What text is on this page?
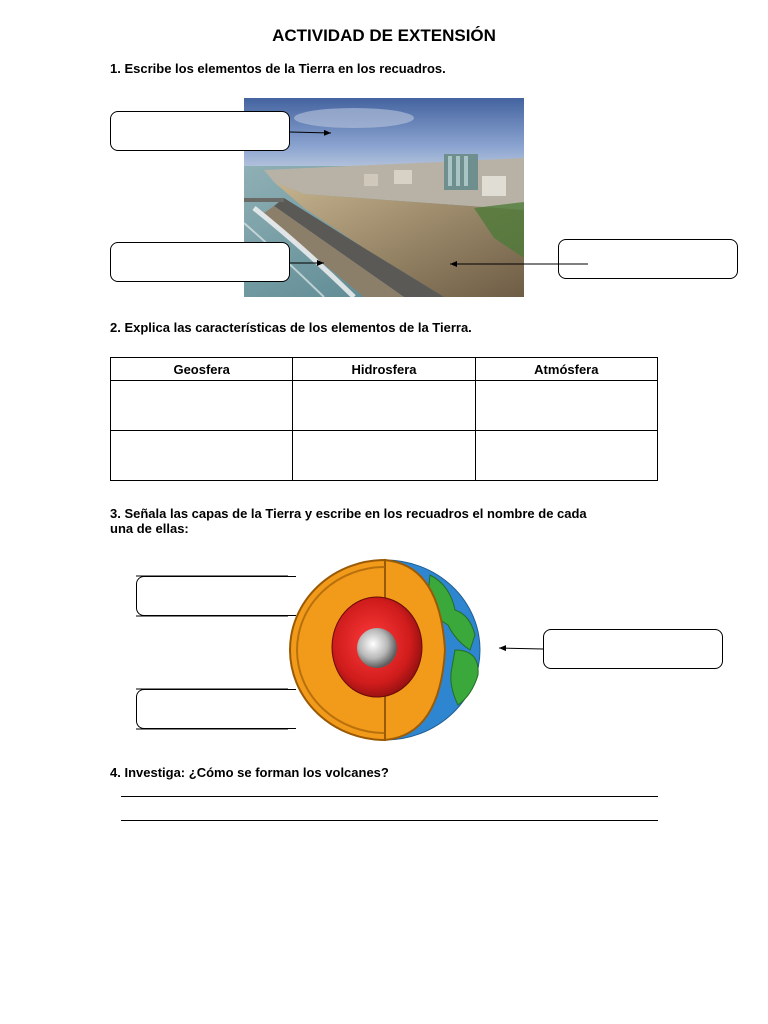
ACTIVIDAD DE EXTENSIÓN
1. Escribe los elementos de la Tierra en los recuadros.
2. Explica las características de los elementos de la Tierra.
Geosfera	Hidrosfera	Atmósfera

3. Señala las capas de la Tierra y escribe en los recuadros el nombre de cada
una de ellas:
4. Investiga: ¿Cómo se forman los volcanes?
